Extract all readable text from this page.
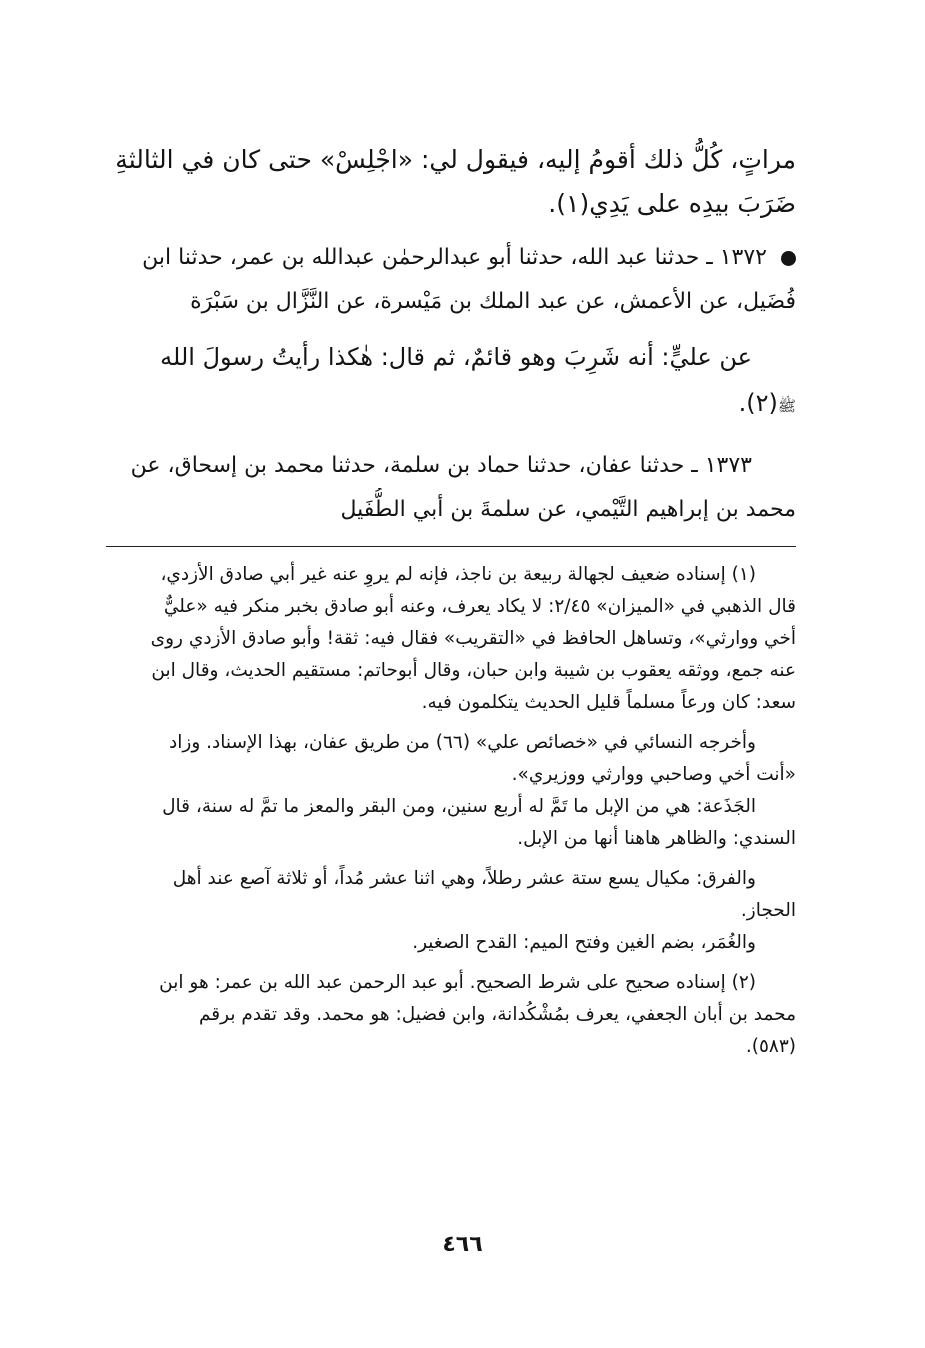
مراتٍ، كُلُّ ذلك أقومُ إليه، فيقول لي: «اجْلِسْ» حتى كان في الثالثةِ
ضَرَبَ بيدِه على يَدِي(١).
١٣٧٢ ـ حدثنا عبد الله، حدثنا أبو عبدالرحمٰن عبدالله بن عمر، حدثنا ابن
فُضَيل، عن الأعمش، عن عبد الملك بن مَيْسرة، عن النَّزَّال بن سَبْرَة
عن عليٍّ: أنه شَرِبَ وهو قائمٌ، ثم قال: هٰكذا رأيتُ رسولَ الله
ﷺ(٢).
١٣٧٣ ـ حدثنا عفان، حدثنا حماد بن سلمة، حدثنا محمد بن إسحاق، عن
محمد بن إبراهيم التَّيْمي، عن سلمةَ بن أبي الطُّفَيل
(١) إسناده ضعيف لجهالة ربيعة بن ناجذ، فإنه لم يروِ عنه غير أبي صادق الأزدي،
قال الذهبي في «الميزان» ٢/٤٥: لا يكاد يعرف، وعنه أبو صادق بخبر منكر فيه «عليٌّ
أخي ووارثي»، وتساهل الحافظ في «التقريب» فقال فيه: ثقة! وأبو صادق الأزدي روى
عنه جمع، ووثقه يعقوب بن شيبة وابن حبان، وقال أبوحاتم: مستقيم الحديث، وقال ابن
سعد: كان ورعاً مسلماً قليل الحديث يتكلمون فيه.
وأخرجه النسائي في «خصائص علي» (٦٦) من طريق عفان، بهذا الإسناد. وزاد
«أنت أخي وصاحبي ووارثي ووزيري».
الجَذَعة: هي من الإبل ما تَمَّ له أربع سنين، ومن البقر والمعز ما تمَّ له سنة، قال
السندي: والظاهر هاهنا أنها من الإبل.
والفرق: مكيال يسع ستة عشر رطلاً، وهي اثنا عشر مُداً، أو ثلاثة آصع عند أهل
الحجاز.
والغُمَر، بضم الغين وفتح الميم: القدح الصغير.
(٢) إسناده صحيح على شرط الصحيح. أبو عبد الرحمن عبد الله بن عمر: هو ابن
محمد بن أبان الجعفي، يعرف بمُشْكُدانة، وابن فضيل: هو محمد. وقد تقدم برقم
(٥٨٣).
٤٦٦
